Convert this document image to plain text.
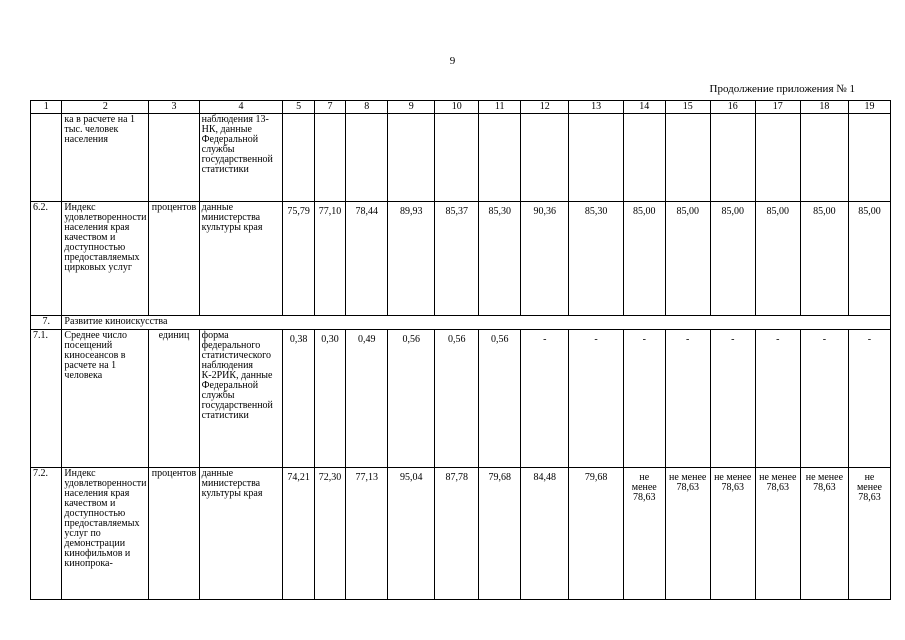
9
Продолжение приложения № 1
1	2	3	4	5	7	8	9	10	11	12	13	14	15	16	17	18	19
	ка в расчете на 1 тыс. человек населения		наблюдения 13-НК, данные Федеральной службы государственной статистики														
6.2.	Индекс удовлетворенности населения края качеством и доступностью предоставляемых цирковых услуг	процентов	данные министерства культуры края	75,79	77,10	78,44	89,93	85,37	85,30	90,36	85,30	85,00	85,00	85,00	85,00	85,00	85,00
7.	Развитие киноискусства																
7.1.	Среднее число посещений киносеансов в расчете на 1 человека	единиц	форма федерального статистического наблюдения К-2РИК, данные Федеральной службы государственной статистики	0,38	0,30	0,49	0,56	0,56	0,56	-	-	-	-	-	-	-	-
7.2.	Индекс удовлетворенности населения края качеством и доступностью предоставляемых услуг по демонстрации кинофильмов и кинопрока-	процентов	данные министерства культуры края	74,21	72,30	77,13	95,04	87,78	79,68	84,48	79,68	не менее 78,63	не менее 78,63	не менее 78,63	не менее 78,63	не менее 78,63	не менее 78,63
